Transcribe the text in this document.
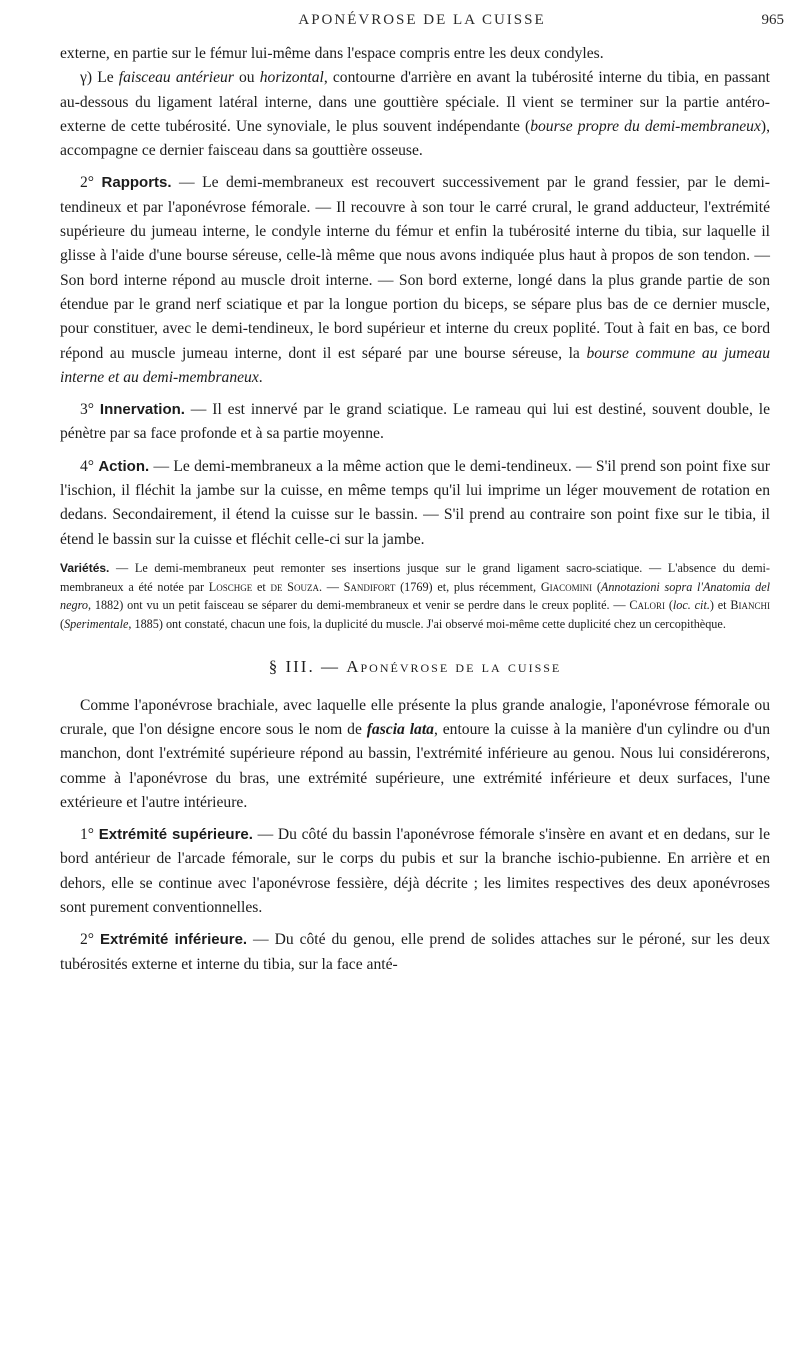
APONÉVROSE DE LA CUISSE	965

externe, en partie sur le fémur lui-même dans l'espace compris entre les deux condyles.

γ) Le faisceau antérieur ou horizontal, contourne d'arrière en avant la tubérosité interne du tibia, en passant au-dessous du ligament latéral interne, dans une gouttière spéciale. Il vient se terminer sur la partie antéro-externe de cette tubérosité. Une synoviale, le plus souvent indépendante (bourse propre du demi-membraneux), accompagne ce dernier faisceau dans sa gouttière osseuse.

2° Rapports. — Le demi-membraneux est recouvert successivement par le grand fessier, par le demi-tendineux et par l'aponévrose fémorale. — Il recouvre à son tour le carré crural, le grand adducteur, l'extrémité supérieure du jumeau interne, le condyle interne du fémur et enfin la tubérosité interne du tibia, sur laquelle il glisse à l'aide d'une bourse séreuse, celle-là même que nous avons indiquée plus haut à propos de son tendon. — Son bord interne répond au muscle droit interne. — Son bord externe, longé dans la plus grande partie de son étendue par le grand nerf sciatique et par la longue portion du biceps, se sépare plus bas de ce dernier muscle, pour constituer, avec le demi-tendineux, le bord supérieur et interne du creux poplité. Tout à fait en bas, ce bord répond au muscle jumeau interne, dont il est séparé par une bourse séreuse, la bourse commune au jumeau interne et au demi-membraneux.

3° Innervation. — Il est innervé par le grand sciatique. Le rameau qui lui est destiné, souvent double, le pénètre par sa face profonde et à sa partie moyenne.

4° Action. — Le demi-membraneux a la même action que le demi-tendineux. — S'il prend son point fixe sur l'ischion, il fléchit la jambe sur la cuisse, en même temps qu'il lui imprime un léger mouvement de rotation en dedans. Secondairement, il étend la cuisse sur le bassin. — S'il prend au contraire son point fixe sur le tibia, il étend le bassin sur la cuisse et fléchit celle-ci sur la jambe.

Variétés. — Le demi-membraneux peut remonter ses insertions jusque sur le grand ligament sacro-sciatique. — L'absence du demi-membraneux a été notée par Loschge et de Souza. — Sandifort (1769) et, plus récemment, Giacomini (Annotazioni sopra l'Anatomia del negro, 1882) ont vu un petit faisceau se séparer du demi-membraneux et venir se perdre dans le creux poplité. — Calori (loc. cit.) et Bianchi (Sperimentale, 1885) ont constaté, chacun une fois, la duplicité du muscle. J'ai observé moi-même cette duplicité chez un cercopithèque.

§ III. — Aponévrose de la cuisse

Comme l'aponévrose brachiale, avec laquelle elle présente la plus grande analogie, l'aponévrose fémorale ou crurale, que l'on désigne encore sous le nom de fascia lata, entoure la cuisse à la manière d'un cylindre ou d'un manchon, dont l'extrémité supérieure répond au bassin, l'extrémité inférieure au genou. Nous lui considérerons, comme à l'aponévrose du bras, une extrémité supérieure, une extrémité inférieure et deux surfaces, l'une extérieure et l'autre intérieure.

1° Extrémité supérieure. — Du côté du bassin l'aponévrose fémorale s'insère en avant et en dedans, sur le bord antérieur de l'arcade fémorale, sur le corps du pubis et sur la branche ischio-pubienne. En arrière et en dehors, elle se continue avec l'aponévrose fessière, déjà décrite ; les limites respectives des deux aponévroses sont purement conventionnelles.

2° Extrémité inférieure. — Du côté du genou, elle prend de solides attaches sur le péroné, sur les deux tubérosités externe et interne du tibia, sur la face anté-
